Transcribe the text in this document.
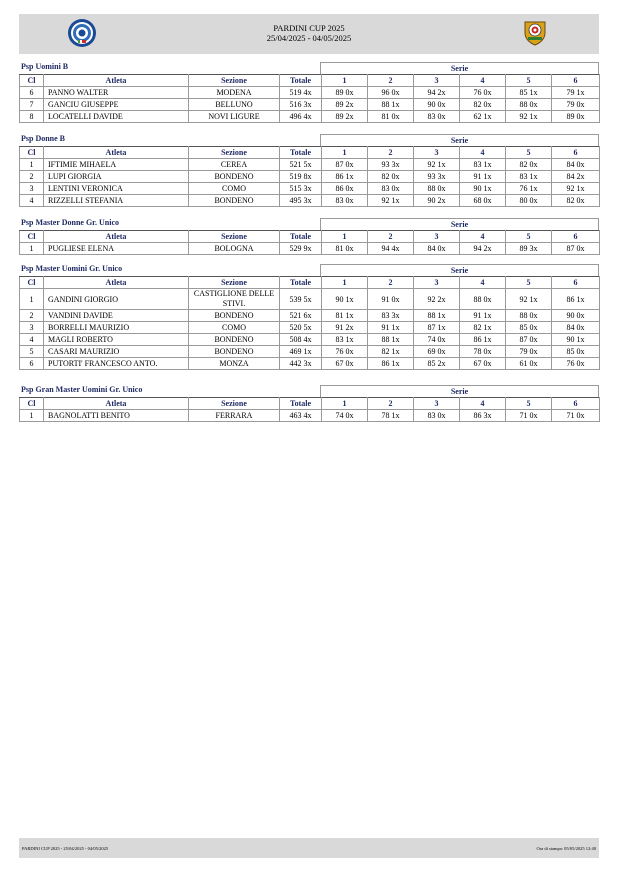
PARDINI CUP 2025
25/04/2025 - 04/05/2025
Psp Uomini B	Serie
Cl	Atleta	Sezione	Totale	1	2	3	4	5	6
6	PANNO WALTER	MODENA	519 4x	89 0x	96 0x	94 2x	76 0x	85 1x	79 1x
7	GANCIU GIUSEPPE	BELLUNO	516 3x	89 2x	88 1x	90 0x	82 0x	88 0x	79 0x
8	LOCATELLI DAVIDE	NOVI LIGURE	496 4x	89 2x	81 0x	83 0x	62 1x	92 1x	89 0x
Psp Donne B	Serie
Cl	Atleta	Sezione	Totale	1	2	3	4	5	6
1	IFTIMIE MIHAELA	CEREA	521 5x	87 0x	93 3x	92 1x	83 1x	82 0x	84 0x
2	LUPI GIORGIA	BONDENO	519 8x	86 1x	82 0x	93 3x	91 1x	83 1x	84 2x
3	LENTINI VERONICA	COMO	515 3x	86 0x	83 0x	88 0x	90 1x	76 1x	92 1x
4	RIZZELLI STEFANIA	BONDENO	495 3x	83 0x	92 1x	90 2x	68 0x	80 0x	82 0x
Psp Master Donne Gr. Unico	Serie
Cl	Atleta	Sezione	Totale	1	2	3	4	5	6
1	PUGLIESE ELENA	BOLOGNA	529 9x	81 0x	94 4x	84 0x	94 2x	89 3x	87 0x
Psp Master Uomini Gr. Unico	Serie
Cl	Atleta	Sezione	Totale	1	2	3	4	5	6
1	GANDINI GIORGIO	CASTIGLIONE DELLE STIVI.	539 5x	90 1x	91 0x	92 2x	88 0x	92 1x	86 1x
2	VANDINI DAVIDE	BONDENO	521 6x	81 1x	83 3x	88 1x	91 1x	88 0x	90 0x
3	BORRELLI MAURIZIO	COMO	520 5x	91 2x	91 1x	87 1x	82 1x	85 0x	84 0x
4	MAGLI ROBERTO	BONDENO	508 4x	83 1x	88 1x	74 0x	86 1x	87 0x	90 1x
5	CASARI MAURIZIO	BONDENO	469 1x	76 0x	82 1x	69 0x	78 0x	79 0x	85 0x
6	PUTORTI' FRANCESCO ANTO.	MONZA	442 3x	67 0x	86 1x	85 2x	67 0x	61 0x	76 0x
Psp Gran Master Uomini Gr. Unico	Serie
Cl	Atleta	Sezione	Totale	1	2	3	4	5	6
1	BAGNOLATTI BENITO	FERRARA	463 4x	74 0x	78 1x	83 0x	86 3x	71 0x	71 0x
PARDINI CUP 2025 - 25/04/2025 - 04/05/2025	Ora di stampa: 05/05/2025 12:40
